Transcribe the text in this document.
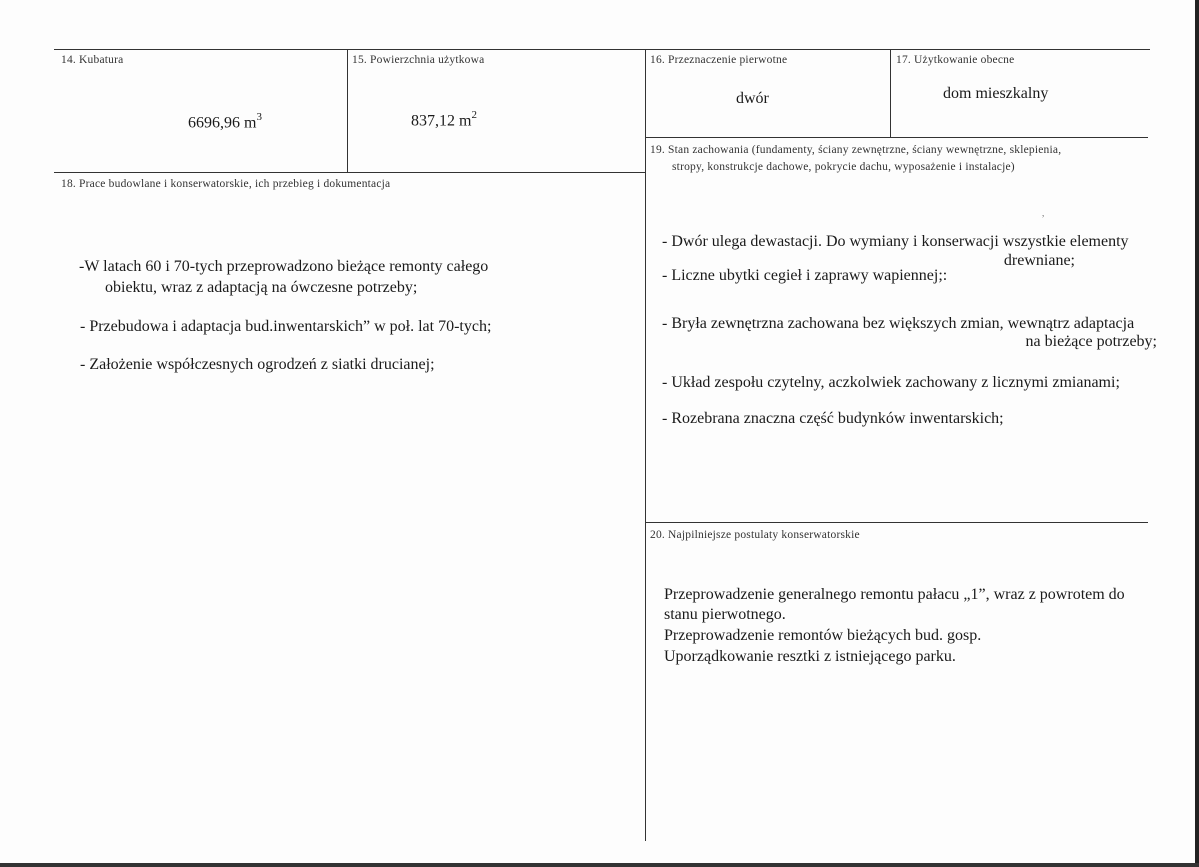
14. Kubatura
6696,96 $m^3$
15. Powierzchnia użytkowa
837,12 $m^2$
16. Przeznaczenie pierwotne
dwór
17. Użytkowanie obecne
dom mieszkalny
18. Prace budowlane i konserwatorskie, ich przebieg i dokumentacja
-W latach 60 i 70-tych przeprowadzono bieżące remonty całego
obiektu, wraz z adaptacją na ówczesne potrzeby;
- Przebudowa i adaptacja bud.inwentarskich” w poł. lat 70-tych;
- Założenie współczesnych ogrodzeń z siatki drucianej;
19. Stan zachowania (fundamenty, ściany zewnętrzne, ściany wewnętrzne, sklepienia,
stropy, konstrukcje dachowe, pokrycie dachu, wyposażenie i instalacje)
,
- Dwór ulega dewastacji. Do wymiany i konserwacji wszystkie elementy
drewniane;
- Liczne ubytki cegieł i zaprawy wapiennej;:
- Bryła zewnętrzna zachowana bez większych zmian, wewnątrz adaptacja
na bieżące potrzeby;
- Układ zespołu czytelny, aczkolwiek zachowany z licznymi zmianami;
- Rozebrana znaczna część budynków inwentarskich;
20. Najpilniejsze postulaty konserwatorskie
Przeprowadzenie generalnego remontu pałacu „1”, wraz z powrotem do
stanu pierwotnego.
Przeprowadzenie remontów bieżących bud. gosp.
Uporządkowanie resztki z istniejącego parku.
